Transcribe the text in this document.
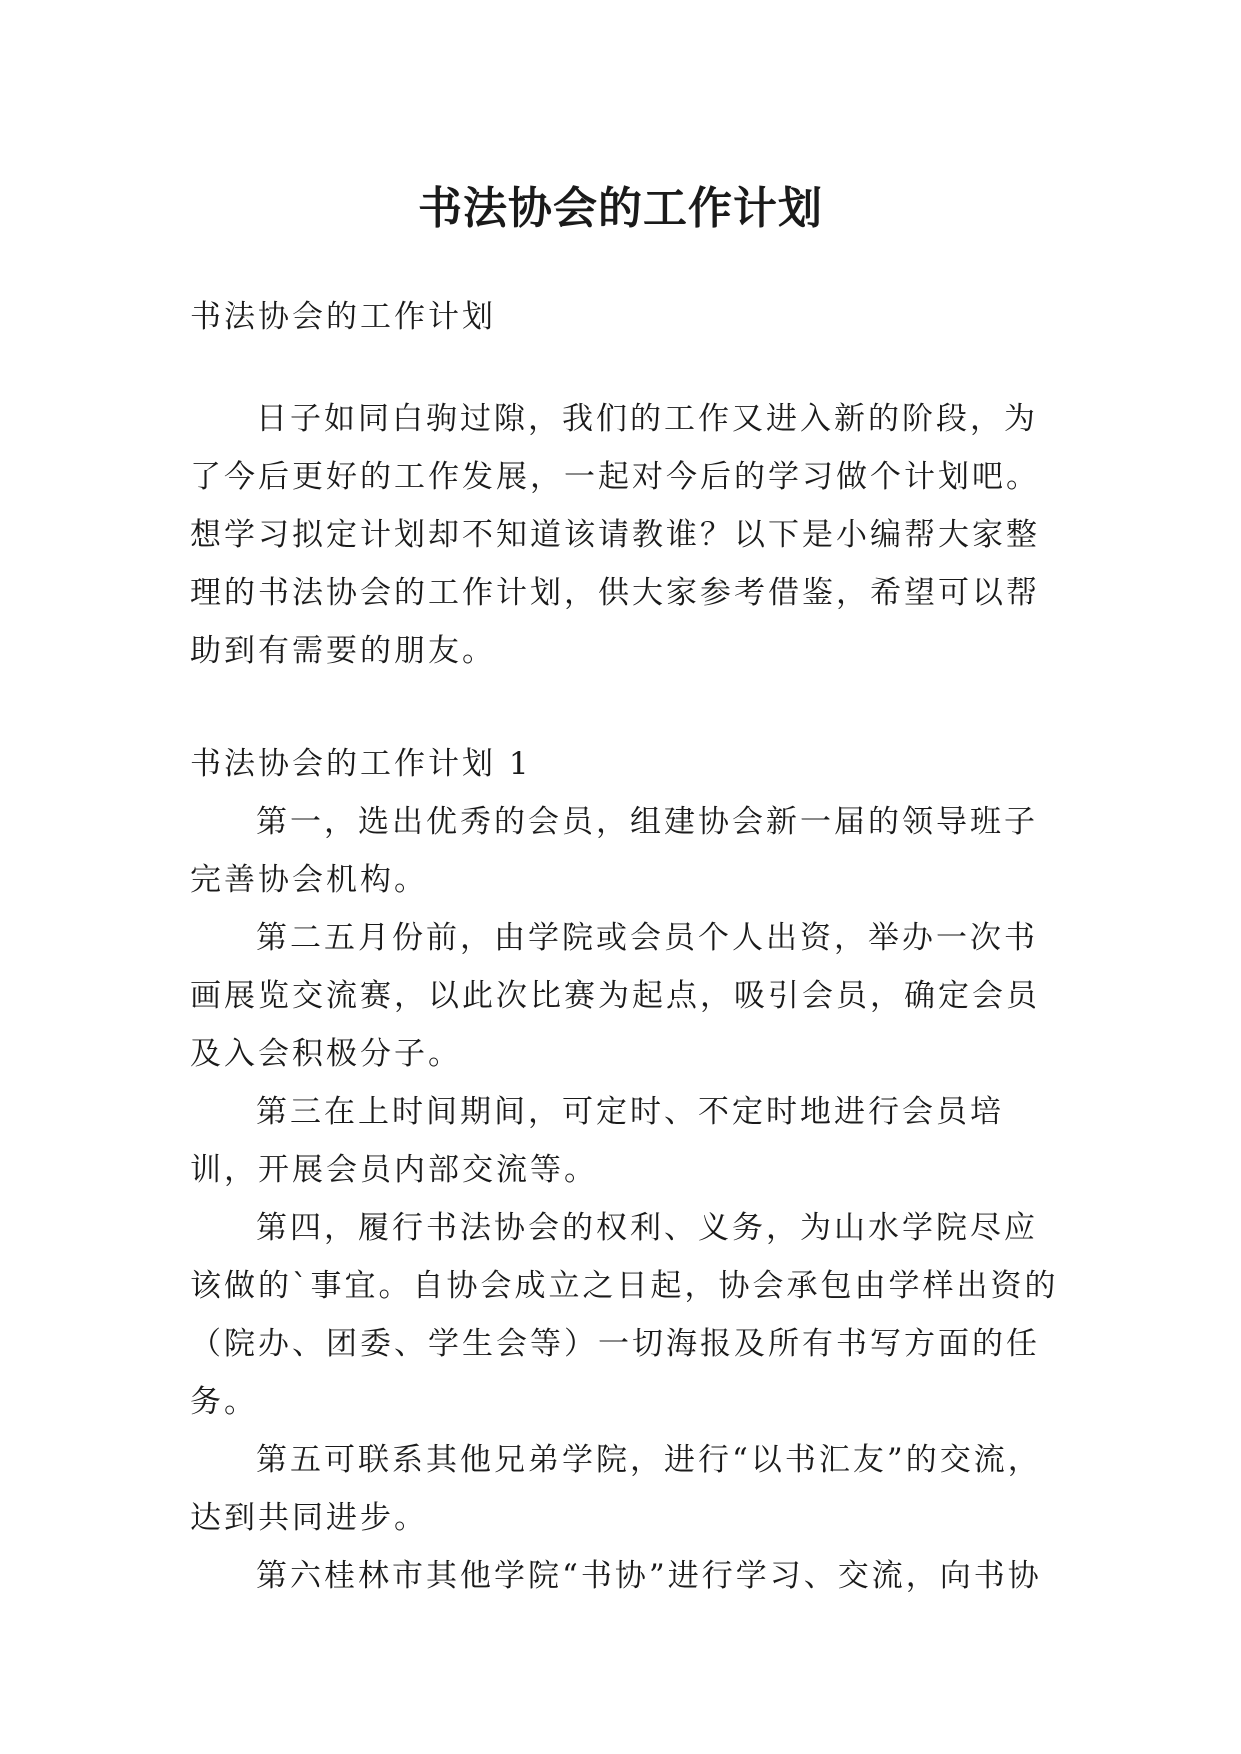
书法协会的工作计划

书法协会的工作计划

日子如同白驹过隙，我们的工作又进入新的阶段，为了今后更好的工作发展，一起对今后的学习做个计划吧。想学习拟定计划却不知道该请教谁？以下是小编帮大家整理的书法协会的工作计划，供大家参考借鉴，希望可以帮助到有需要的朋友。

书法协会的工作计划 1

第一，选出优秀的会员，组建协会新一届的领导班子完善协会机构。

第二五月份前，由学院或会员个人出资，举办一次书画展览交流赛，以此次比赛为起点，吸引会员，确定会员及入会积极分子。

第三在上时间期间，可定时、不定时地进行会员培训，开展会员内部交流等。

第四，履行书法协会的权利、义务，为山水学院尽应该做的`事宜。自协会成立之日起，协会承包由学样出资的（院办、团委、学生会等）一切海报及所有书写方面的任务。

第五可联系其他兄弟学院，进行“以书汇友”的交流，达到共同进步。

第六桂林市其他学院“书协”进行学习、交流，向书协
